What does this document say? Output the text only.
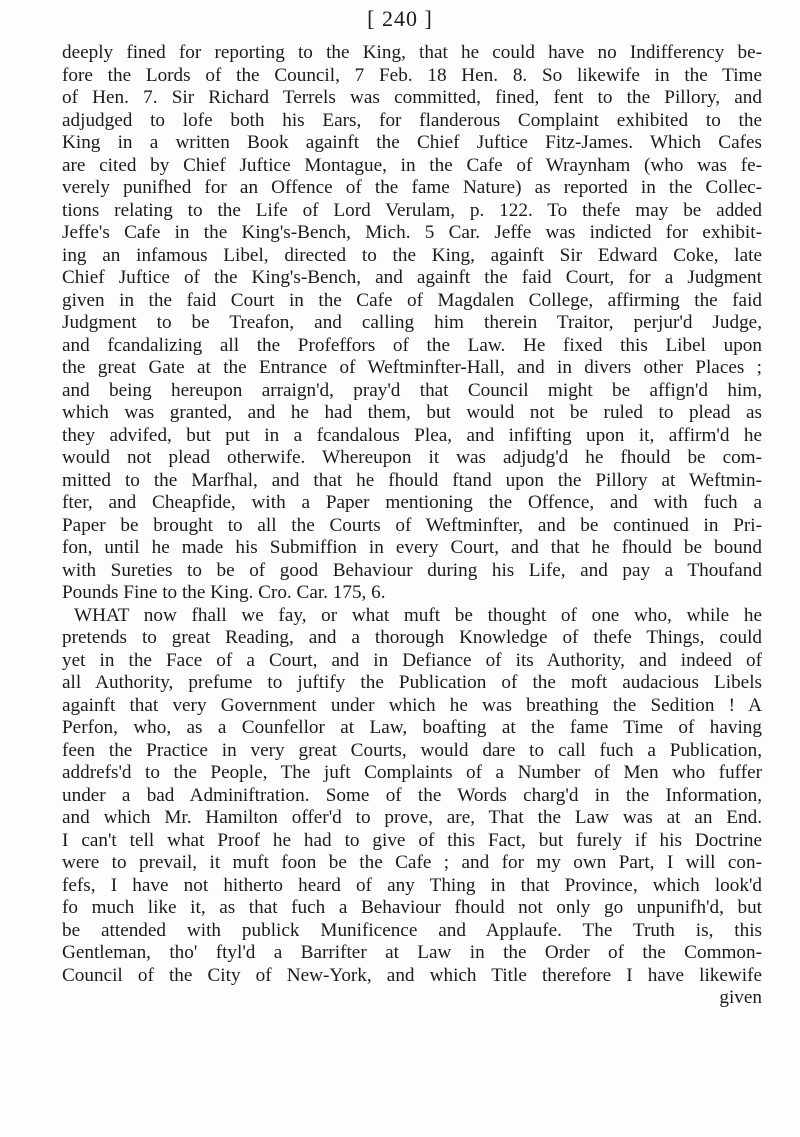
[ 240 ]
deeply fined for reporting to the King, that he could have no Indifferency be-
fore the Lords of the Council, 7 Feb. 18 Hen. 8. So likewife in the Time
of Hen. 7. Sir Richard Terrels was committed, fined, fent to the Pillory, and
adjudged to lofe both his Ears, for flanderous Complaint exhibited to the
King in a written Book againft the Chief Juftice Fitz-James. Which Cafes
are cited by Chief Juftice Montague, in the Cafe of Wraynham (who was fe-
verely punifhed for an Offence of the fame Nature) as reported in the Collec-
tions relating to the Life of Lord Verulam, p. 122. To thefe may be added
Jeffe's Cafe in the King's-Bench, Mich. 5 Car. Jeffe was indicted for exhibit-
ing an infamous Libel, directed to the King, againft Sir Edward Coke, late
Chief Juftice of the King's-Bench, and againft the faid Court, for a Judgment
given in the faid Court in the Cafe of Magdalen College, affirming the faid
Judgment to be Treafon, and calling him therein Traitor, perjur'd Judge,
and fcandalizing all the Profeffors of the Law. He fixed this Libel upon
the great Gate at the Entrance of Weftminfter-Hall, and in divers other Places ;
and being hereupon arraign'd, pray'd that Council might be affign'd him,
which was granted, and he had them, but would not be ruled to plead as
they advifed, but put in a fcandalous Plea, and infifting upon it, affirm'd he
would not plead otherwife. Whereupon it was adjudg'd he fhould be com-
mitted to the Marfhal, and that he fhould ftand upon the Pillory at Weftmin-
fter, and Cheapfide, with a Paper mentioning the Offence, and with fuch a
Paper be brought to all the Courts of Weftminfter, and be continued in Pri-
fon, until he made his Submiffion in every Court, and that he fhould be bound
with Sureties to be of good Behaviour during his Life, and pay a Thoufand
Pounds Fine to the King. Cro. Car. 175, 6.
WHAT now fhall we fay, or what muft be thought of one who, while he
pretends to great Reading, and a thorough Knowledge of thefe Things, could
yet in the Face of a Court, and in Defiance of its Authority, and indeed of
all Authority, prefume to juftify the Publication of the moft audacious Libels
againft that very Government under which he was breathing the Sedition ! A
Perfon, who, as a Counfellor at Law, boafting at the fame Time of having
feen the Practice in very great Courts, would dare to call fuch a Publication,
addrefs'd to the People, The juft Complaints of a Number of Men who fuffer
under a bad Adminiftration. Some of the Words charg'd in the Information,
and which Mr. Hamilton offer'd to prove, are, That the Law was at an End.
I can't tell what Proof he had to give of this Fact, but furely if his Doctrine
were to prevail, it muft foon be the Cafe ; and for my own Part, I will con-
fefs, I have not hitherto heard of any Thing in that Province, which look'd
fo much like it, as that fuch a Behaviour fhould not only go unpunifh'd, but
be attended with publick Munificence and Applaufe. The Truth is, this
Gentleman, tho' ftyl'd a Barrifter at Law in the Order of the Common-
Council of the City of New-York, and which Title therefore I have likewife
given
